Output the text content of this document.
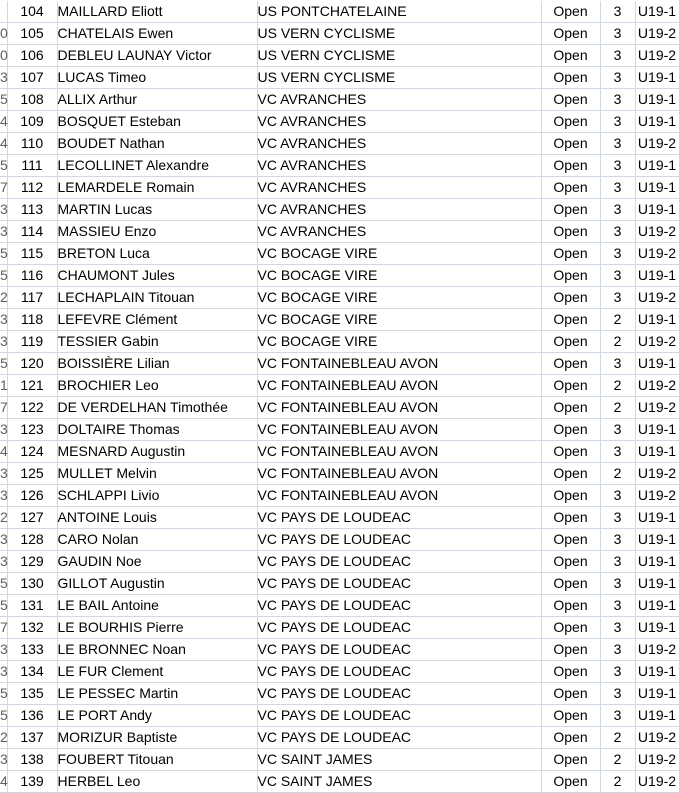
	104	MAILLARD Eliott	US PONTCHATELAINE	Open	3	U19-1	
0	105	CHATELAIS Ewen	US VERN CYCLISME	Open	3	U19-2	
0	106	DEBLEU LAUNAY Victor	US VERN CYCLISME	Open	3	U19-2	
3	107	LUCAS Timeo	US VERN CYCLISME	Open	3	U19-1	
5	108	ALLIX Arthur	VC AVRANCHES	Open	3	U19-1	
4	109	BOSQUET Esteban	VC AVRANCHES	Open	3	U19-1	
4	110	BOUDET Nathan	VC AVRANCHES	Open	3	U19-2	
5	111	LECOLLINET Alexandre	VC AVRANCHES	Open	3	U19-1	
7	112	LEMARDELE Romain	VC AVRANCHES	Open	3	U19-1	
3	113	MARTIN Lucas	VC AVRANCHES	Open	3	U19-1	
3	114	MASSIEU Enzo	VC AVRANCHES	Open	3	U19-2	
5	115	BRETON Luca	VC BOCAGE VIRE	Open	3	U19-2	
5	116	CHAUMONT Jules	VC BOCAGE VIRE	Open	3	U19-1	
2	117	LECHAPLAIN Titouan	VC BOCAGE VIRE	Open	3	U19-2	
3	118	LEFEVRE Clément	VC BOCAGE VIRE	Open	2	U19-1	
3	119	TESSIER Gabin	VC BOCAGE VIRE	Open	2	U19-2	
5	120	BOISSIÈRE Lilian	VC FONTAINEBLEAU AVON	Open	3	U19-1	
1	121	BROCHIER Leo	VC FONTAINEBLEAU AVON	Open	2	U19-2	
7	122	DE VERDELHAN Timothée	VC FONTAINEBLEAU AVON	Open	2	U19-2	
3	123	DOLTAIRE Thomas	VC FONTAINEBLEAU AVON	Open	3	U19-1	
4	124	MESNARD Augustin	VC FONTAINEBLEAU AVON	Open	3	U19-1	
3	125	MULLET Melvin	VC FONTAINEBLEAU AVON	Open	2	U19-2	
3	126	SCHLAPPI Livio	VC FONTAINEBLEAU AVON	Open	3	U19-2	
2	127	ANTOINE Louis	VC PAYS DE LOUDEAC	Open	3	U19-1	
3	128	CARO Nolan	VC PAYS DE LOUDEAC	Open	3	U19-1	
3	129	GAUDIN Noe	VC PAYS DE LOUDEAC	Open	3	U19-1	
5	130	GILLOT Augustin	VC PAYS DE LOUDEAC	Open	3	U19-1	
5	131	LE BAIL Antoine	VC PAYS DE LOUDEAC	Open	3	U19-1	
7	132	LE BOURHIS Pierre	VC PAYS DE LOUDEAC	Open	3	U19-1	
3	133	LE BRONNEC Noan	VC PAYS DE LOUDEAC	Open	3	U19-2	
3	134	LE FUR Clement	VC PAYS DE LOUDEAC	Open	3	U19-1	
5	135	LE PESSEC Martin	VC PAYS DE LOUDEAC	Open	3	U19-1	
5	136	LE PORT Andy	VC PAYS DE LOUDEAC	Open	3	U19-1	
2	137	MORIZUR Baptiste	VC PAYS DE LOUDEAC	Open	2	U19-2	
3	138	FOUBERT Titouan	VC SAINT JAMES	Open	2	U19-2	
4	139	HERBEL Leo	VC SAINT JAMES	Open	2	U19-2	
